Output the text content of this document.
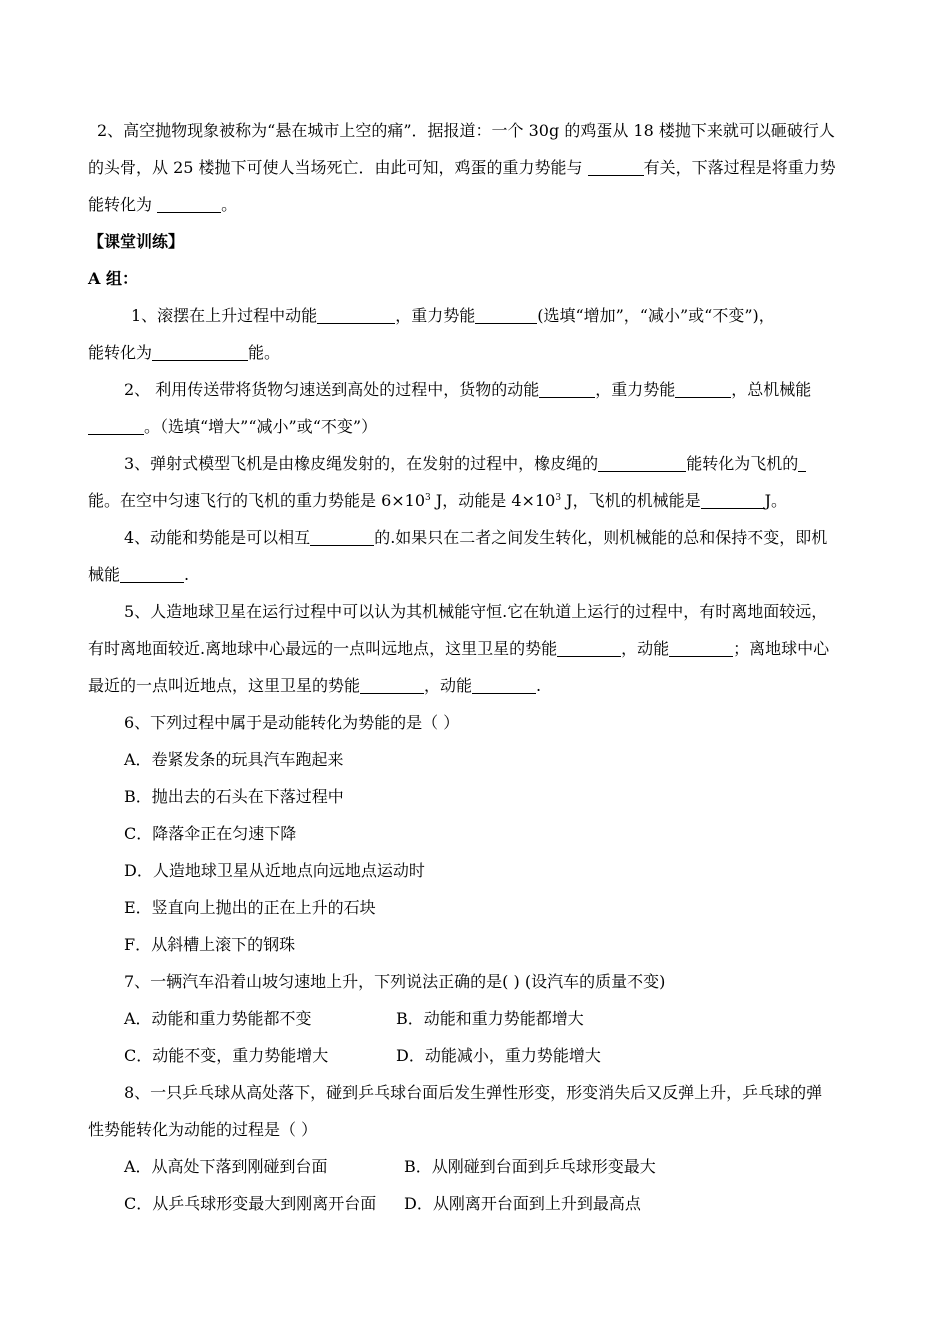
2、高空抛物现象被称为“悬在城市上空的痛”．据报道：一个 30g 的鸡蛋从 18 楼抛下来就可以砸破行人
的头骨，从 25 楼抛下可使人当场死亡．由此可知，鸡蛋的重力势能与	有关，下落过程是将重力势
能转化为	。
【课堂训练】
A 组：
1、滚摆在上升过程中动能	，重力势能	(选填“增加”，“减小”或“不变”)，
能转化为	能。
2、 利用传送带将货物匀速送到高处的过程中，货物的动能	，重力势能	，总机械能
。（选填“增大”“减小”或“不变”）
3、弹射式模型飞机是由橡皮绳发射的，在发射的过程中，橡皮绳的	能转化为飞机的
能。在空中匀速飞行的飞机的重力势能是 $6\times 10^3$ J，动能是 $4\times 10^3$ J，飞机的机械能是	J。
4、动能和势能是可以相互	的.如果只在二者之间发生转化，则机械能的总和保持不变，即机
械能	.
5、人造地球卫星在运行过程中可以认为其机械能守恒.它在轨道上运行的过程中，有时离地面较远，
有时离地面较近.离地球中心最远的一点叫远地点，这里卫星的势能	，动能	；离地球中心
最近的一点叫近地点，这里卫星的势能	，动能	.
6、下列过程中属于是动能转化为势能的是（ ）
A．卷紧发条的玩具汽车跑起来
B．抛出去的石头在下落过程中
C．降落伞正在匀速下降
D．人造地球卫星从近地点向远地点运动时
E．竖直向上抛出的正在上升的石块
F．从斜槽上滚下的钢珠
7、一辆汽车沿着山坡匀速地上升，下列说法正确的是( ) (设汽车的质量不变)
A．动能和重力势能都不变	B．动能和重力势能都增大
C．动能不变，重力势能增大	D．动能减小，重力势能增大
8、一只乒乓球从高处落下，碰到乒乓球台面后发生弹性形变，形变消失后又反弹上升，乒乓球的弹
性势能转化为动能的过程是（ ）
A．从高处下落到刚碰到台面	B．从刚碰到台面到乒乓球形变最大
C．从乒乓球形变最大到刚离开台面 D．从刚离开台面到上升到最高点
